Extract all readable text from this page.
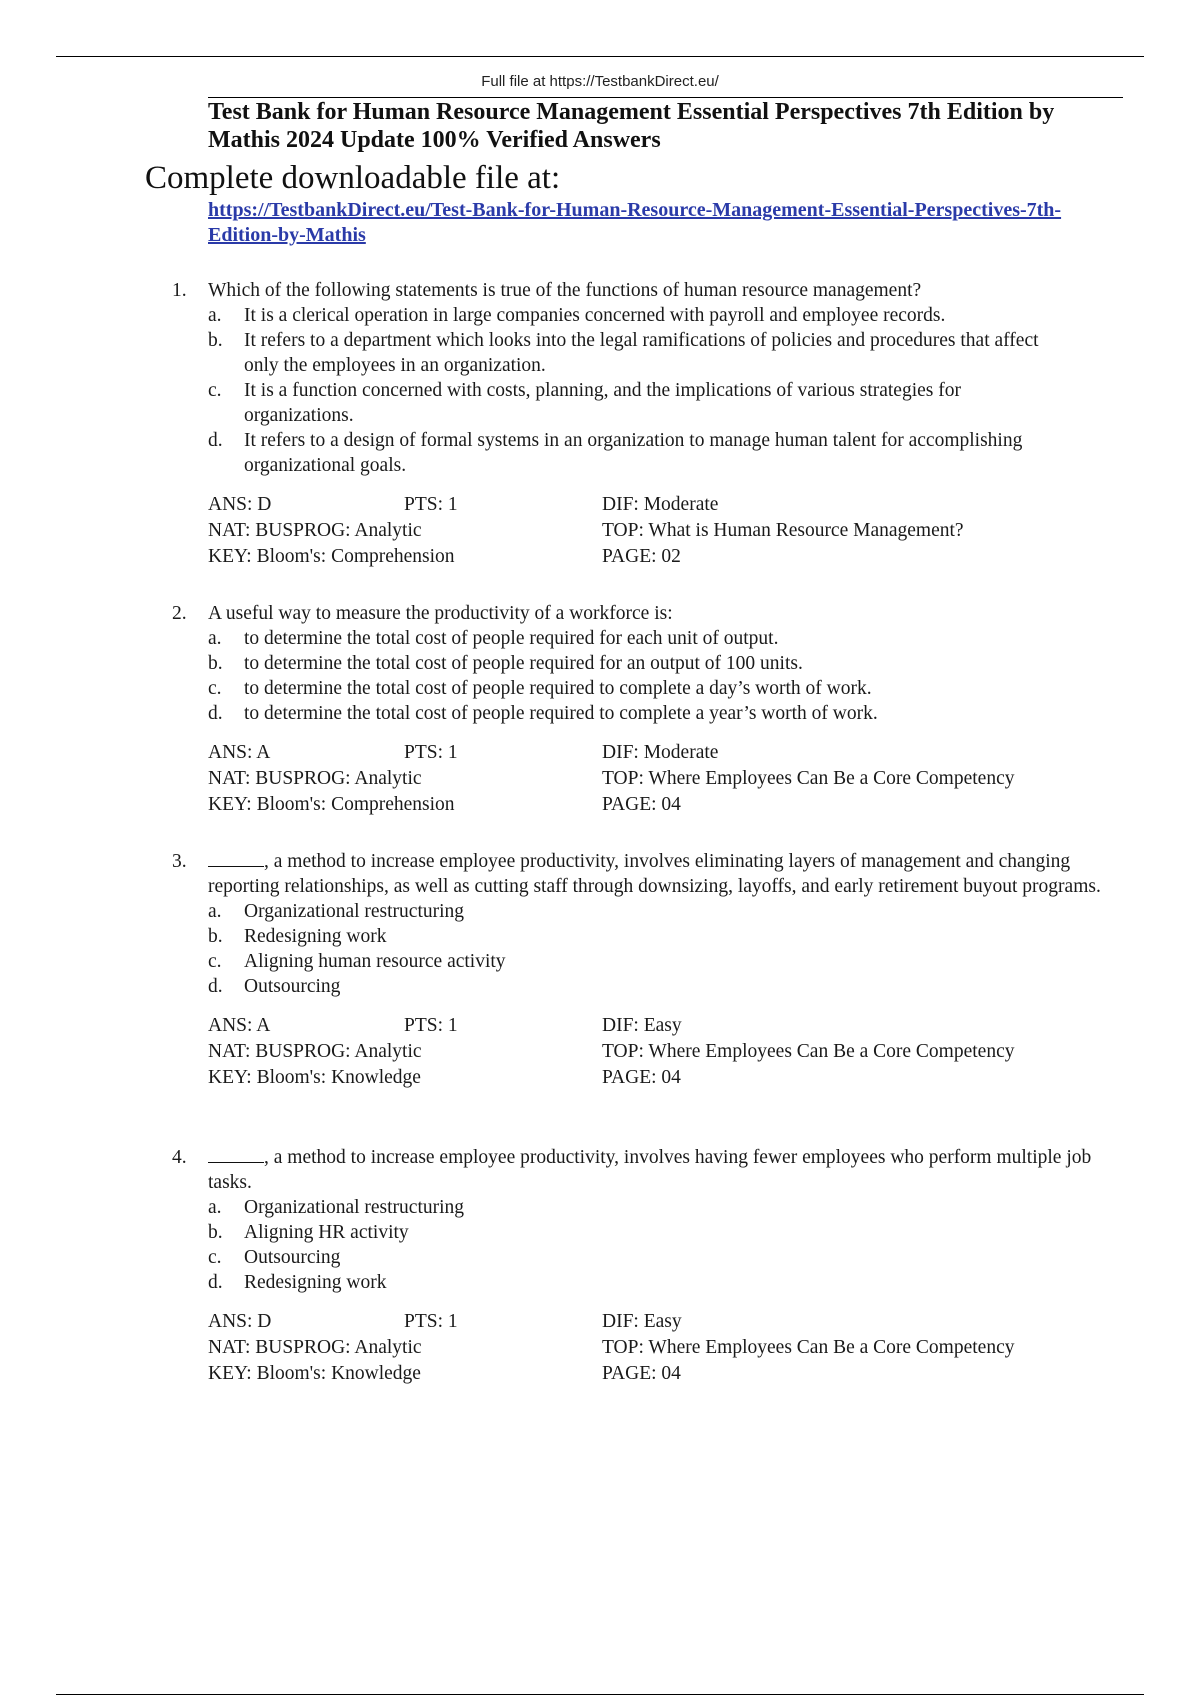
Full file at https://TestbankDirect.eu/
Test Bank for Human Resource Management Essential Perspectives 7th Edition by Mathis 2024 Update 100% Verified Answers
Complete downloadable file at:
https://TestbankDirect.eu/Test-Bank-for-Human-Resource-Management-Essential-Perspectives-7th-Edition-by-Mathis
1. Which of the following statements is true of the functions of human resource management?
a. It is a clerical operation in large companies concerned with payroll and employee records.
b. It refers to a department which looks into the legal ramifications of policies and procedures that affect only the employees in an organization.
c. It is a function concerned with costs, planning, and the implications of various strategies for organizations.
d. It refers to a design of formal systems in an organization to manage human talent for accomplishing organizational goals.
ANS: D	PTS: 1	DIF: Moderate
NAT: BUSPROG: Analytic	TOP: What is Human Resource Management?
KEY: Bloom's: Comprehension	PAGE: 02
2. A useful way to measure the productivity of a workforce is:
a. to determine the total cost of people required for each unit of output.
b. to determine the total cost of people required for an output of 100 units.
c. to determine the total cost of people required to complete a day’s worth of work.
d. to determine the total cost of people required to complete a year’s worth of work.
ANS: A	PTS: 1	DIF: Moderate
NAT: BUSPROG: Analytic	TOP: Where Employees Can Be a Core Competency
KEY: Bloom's: Comprehension	PAGE: 04
3.	, a method to increase employee productivity, involves eliminating layers of management and changing reporting relationships, as well as cutting staff through downsizing, layoffs, and early retirement buyout programs.
a. Organizational restructuring
b. Redesigning work
c. Aligning human resource activity
d. Outsourcing
ANS: A	PTS: 1	DIF: Easy
NAT: BUSPROG: Analytic	TOP: Where Employees Can Be a Core Competency
KEY: Bloom's: Knowledge	PAGE: 04
4.	, a method to increase employee productivity, involves having fewer employees who perform multiple job tasks.
a. Organizational restructuring
b. Aligning HR activity
c. Outsourcing
d. Redesigning work
ANS: D	PTS: 1	DIF: Easy
NAT: BUSPROG: Analytic	TOP: Where Employees Can Be a Core Competency
KEY: Bloom's: Knowledge	PAGE: 04
